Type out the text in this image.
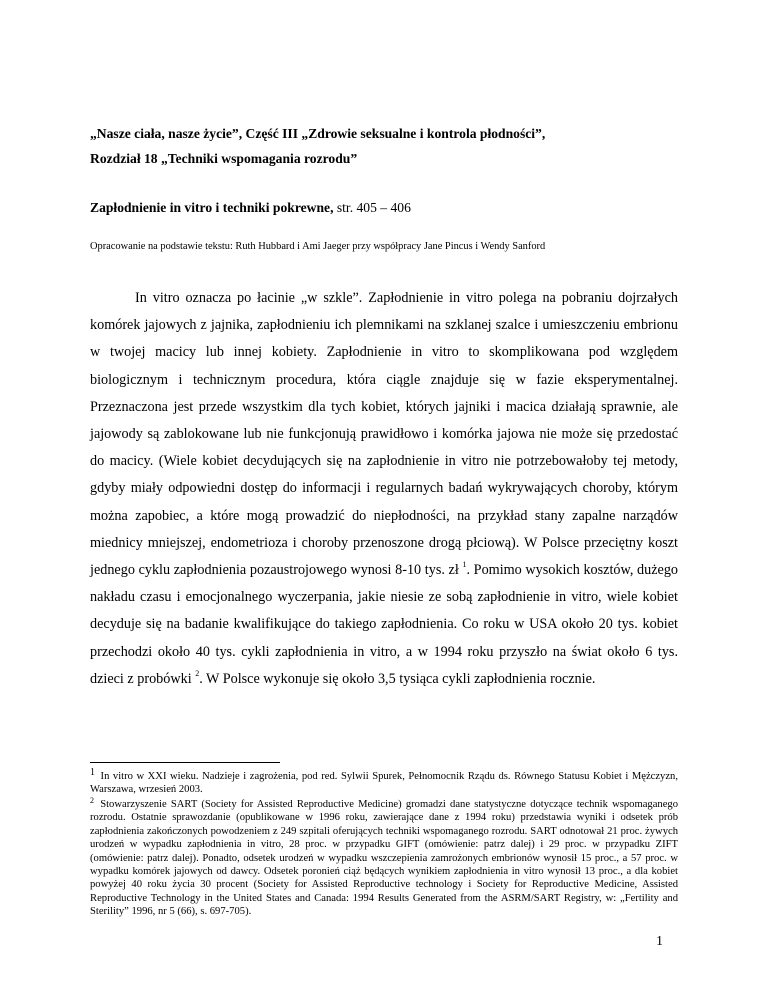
„Nasze ciała, nasze życie”, Część III „Zdrowie seksualne i kontrola płodności”,
Rozdział 18 „Techniki wspomagania rozrodu”
Zapłodnienie in vitro i techniki pokrewne, str. 405 – 406
Opracowanie na podstawie tekstu: Ruth Hubbard i Ami Jaeger przy współpracy Jane Pincus i Wendy Sanford

In vitro oznacza po łacinie „w szkle”. Zapłodnienie in vitro polega na pobraniu dojrzałych komórek jajowych z jajnika, zapłodnieniu ich plemnikami na szklanej szalce i umieszczeniu embrionu w twojej macicy lub innej kobiety. Zapłodnienie in vitro to skomplikowana pod względem biologicznym i technicznym procedura, która ciągle znajduje się w fazie eksperymentalnej. Przeznaczona jest przede wszystkim dla tych kobiet, których jajniki i macica działają sprawnie, ale jajowody są zablokowane lub nie funkcjonują prawidłowo i komórka jajowa nie może się przedostać do macicy. (Wiele kobiet decydujących się na zapłodnienie in vitro nie potrzebowałoby tej metody, gdyby miały odpowiedni dostęp do informacji i regularnych badań wykrywających choroby, którym można zapobiec, a które mogą prowadzić do niepłodności, na przykład stany zapalne narządów miednicy mniejszej, endometrioza i choroby przenoszone drogą płciową). W Polsce przeciętny koszt jednego cyklu zapłodnienia pozaustrojowego wynosi 8-10 tys. zł $^1$. Pomimo wysokich kosztów, dużego nakładu czasu i emocjonalnego wyczerpania, jakie niesie ze sobą zapłodnienie in vitro, wiele kobiet decyduje się na badanie kwalifikujące do takiego zapłodnienia. Co roku w USA około 20 tys. kobiet przechodzi około 40 tys. cykli zapłodnienia in vitro, a w 1994 roku przyszło na świat około 6 tys. dzieci z probówki $^2$. W Polsce wykonuje się około 3,5 tysiąca cykli zapłodnienia rocznie.

1 In vitro w XXI wieku. Nadzieje i zagrożenia, pod red. Sylwii Spurek, Pełnomocnik Rządu ds. Równego Statusu Kobiet i Mężczyzn, Warszawa, wrzesień 2003.

$^2$ Stowarzyszenie SART (Society for Assisted Reproductive Medicine) gromadzi dane statystyczne dotyczące technik wspomaganego rozrodu. Ostatnie sprawozdanie (opublikowane w 1996 roku, zawierające dane z 1994 roku) przedstawia wyniki i odsetek prób zapłodnienia zakończonych powodzeniem z 249 szpitali oferujących techniki wspomaganego rozrodu. SART odnotował 21 proc. żywych urodzeń w wypadku zapłodnienia in vitro, 28 proc. w przypadku GIFT (omówienie: patrz dalej) i 29 proc. w przypadku ZIFT (omówienie: patrz dalej). Ponadto, odsetek urodzeń w wypadku wszczepienia zamrożonych embrionów wynosił 15 proc., a 57 proc. w wypadku komórek jajowych od dawcy. Odsetek poronień ciąż będących wynikiem zapłodnienia in vitro wynosił 13 proc., a dla kobiet powyżej 40 roku życia 30 procent (Society for Assisted Reproductive technology i Society for Reproductive Medicine, Assisted Reproductive Technology in the United States and Canada: 1994 Results Generated from the ASRM/SART Registry, w: „Fertility and Sterility” 1996, nr 5 (66), s. 697-705).

1
